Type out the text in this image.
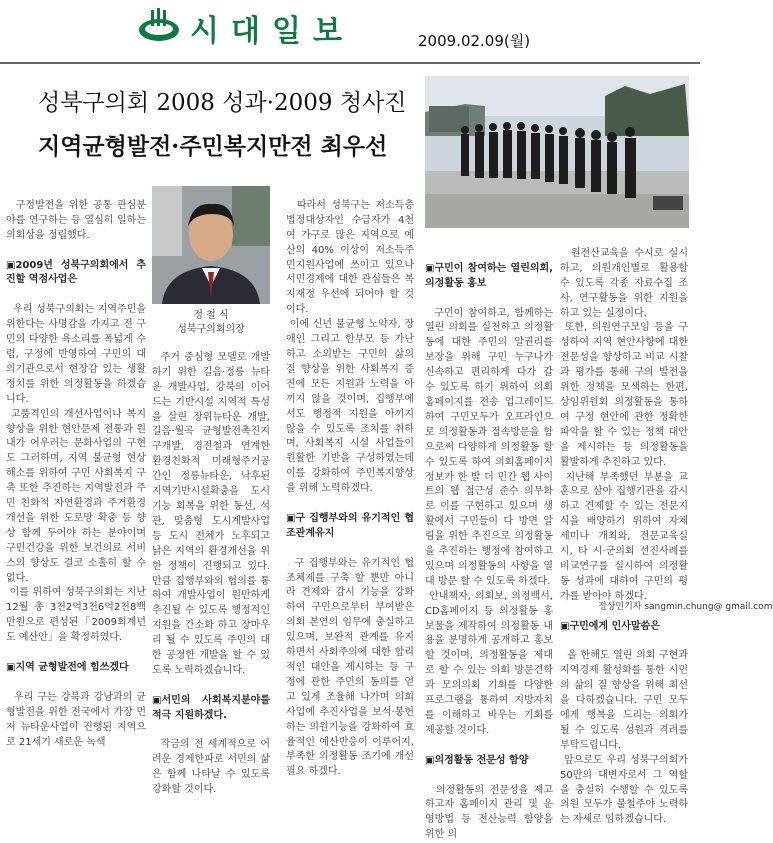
시대일보	2009.02.09(월)
성북구의회 2008 성과·2009 청사진
지역균형발전·주민복지만전 최우선
정 철 식
성북구의회의장

구정발전을 위한 공통 관심분야를 연구하는 등 열심히 일하는 의회상을 정립했다.

▣2009년 성북구의회에서 추진할 역점사업은

우리 성북구의회는 지역주민을 위한다는 사명감을 가지고 전 구민의 다양한 욕소리를 폭넓게 수렴, 구정에 반영하여 구민의 대의기관으로서 현장감 있는 생활정치를 위한 의정활동을 하겠습니다.
고품격인의 개선사업이나 복지향상을 위한 현안문제 전통과 원내가 어우러는 문화사업의 구현도 그러하며, 지역 불균형 현상 해소를 위하여 구민 사회복지 구축 또한 추진하는 지역발전과 주민 친화적 자연환경과 주거환경개선을 위한 도로망 확충 등 향상 함께 두어야 하는 분야이며 구민건강을 위한 보건의료 서비스의 향상도 결코 소홀히 할 수 없다.
이를 위하여 성북구의회는 지난 12월 총 3천2억3천6억2천8백만원으로 편성된「2009회계년도 예산안」을 확정하였다.

▣지역 균형발전에 힘쓰겠다

우리 구는 강북과 강남과의 균형발전을 위한 전국에서 가장 먼저 뉴타운사업이 진행된 지역으로 21세기 새로운 녹색

주거 중심형 모델로 개발하기 위한 길음·정릉 뉴타운 개발사업, 강북의 이어드는 기반시설 지역적 특성을 살린 장위뉴타운 개발, 길음·월곡 균형발전촉진지구개발, 경전철과 연계한 환경친화적 미래형주거공간인 정릉뉴타운, 낙후된 지역기반시설확충을 도시기능 회복을 위한 동선, 석관, 맞춤형 도시계발사업 등 도시 전체가 노후되고 낡은 지역의 환경개선을 위한 정책이 진행되고 있다. 만큼 집행부와의 협의를 통하여 개발사업이 원만하게 추진될 수 있도록 행정적인 지원을 간소화 하고 장마우리 될 수 있도록 주민의 대한 공정한 개발을 할 수 있도록 노력하겠습니다.

▣서민의 사회복지분야를 적극 지원하겠다.

작금의 전 세계적으로 어려운 경제한파로 서민의 삶은 함께 나타날 수 있도록 강화할 것이다.

따라서 성북구는 저소득층 법정대상자인 수급자가 4천여 가구로 많은 지역으로 예산의 40% 이상이 저소득주민지원사업에 쓰이고 있으나 서민경제에 대한 관심들은 복지재정 우선에 되어야 할 것이다.
이에 신년 불균형 노약자, 장애인 그리고 한부모 등 가난하고 소외받는 구민의 삶의 질 향상을 위한 사회복지 증진에 모든 지원과 노력을 아끼지 않을 것이며, 집행부에서도 행정적 지원을 아끼지 않을 수 있도록 조치를 취하며, 사회복지 시설 사업들이 원활한 기반을 구성하였는데 이를 강화하여 주민복지향상을 위해 노력하겠다.

▣구 집행부와의 유기적인 협조관계유지

구 집행부와는 유기적인 협조체제를 구축 할 뿐만 아니라 견제와 감시 기능을 강화하여 구민으로부터 부여받은 의회 본연의 임무에 충실하고 있으며, 보완적 관계를 유지하면서 사회주의에 대한 합리적인 대안을 제시하는 등 구정에 관한 주민의 동의를 얻고 있게 조율해 나가며 의회사업에 추진사업을 보석·봉헌하는 의원기능을 강화하여 효율적인 예산반응이 이루어지, 부족한 의정활동 조기에 개선 필요 하겠다.

▣구민이 참여하는 열린의회, 의정활동 홍보

구민이 참여하고, 함께하는 열린 의회를 실천하고 의정활동에 대한 주민의 알권리를 보장을 위해 구민 누구나가 신속하고 편리하게 다가 갈 수 있도록 하기 위하여 의회홈페이지를 전송 업그레이드 하여 구민모두가 오프라인으로 의정활동과 접속방문을 함으로써 다양하게 의정활동 할 수 있도록 하여 의회홈페이지 정보가 한 발 더 민간 웹 사이트의 웹 접근성 준수 의무화로 이를 구현하고 있으며 생활에서 구민들이 다 방면 알림을 위한 추진으로 의정활동을 추진하는 행정에 참여하고 있으며 의정활동의 사항을 열대 방문 할 수 있도록 하겠다.
안내책자, 의회보, 의정백서, CD홈페이지 등 의정활동 홍보물을 제작하여 의정활동 내용을 분명하게 공개하고 홍보 할 것이며, 의정활동을 제대로 할 수 있는 의회 방문견학과 모의의회 기회를 다양한 프로그램을 통하여 지방자치를 이해하고 바우는 기회를 제공할 것이다.

▣의정활동 전문성 함양

의정활동의 전문성을 제고하고자 홈페이지 관리 및 운영방법 등 전산능력 함양을 위한 의

원전산교육을 수시로 실시하고, 의원개인별로 활용할 수 있도록 각종 자료수집 조사, 연구활동을 위한 지원을 하고 있는 실정이다.
또한, 의원연구모임 등을 구성하여 지역 현안사항에 대한 전문성을 향상하고 비교 시찰과 평가를 통해 구의 발전을 위한 정책을 모색하는 한편, 상임위원회 의정활동을 통하여 구정 현안에 관한 정확한 파악을 할 수 있는 정책 대안을 제시하는 등 의정활동을 활발하게 추진하고 있다.
지난해 부족했던 부분을 교훈으로 삼아 집행기관을 감시 하고 견제할 수 있는 전문지식을 배양하기 위하여 자체 세미나 개최와, 전문교육실시, 타 시·군의회 선진사례를 비교연구를 실시하여 의정활동 성과에 대하여 구민의 평가를 받아야 하겠다.

▣구민에게 인사말씀은

올 한해도 열린 의회 구현과 지역경제 활성화를 통한 시민의 삶의 질 향상을 위해 최선을 다하겠습니다. 구민 모두에게 행복을 드리는 의회가 될 수 있도록 성원과 격려를 부탁드립니다.
앞으로도 우리 성북구의회가 50만의 대변자로서 그 역할을 충실히 수행할 수 있도록 의원 모두가 불철주야 노력하는 자세로 임하겠습니다.

정상민기자 sangmin.chung@ gmail.com
